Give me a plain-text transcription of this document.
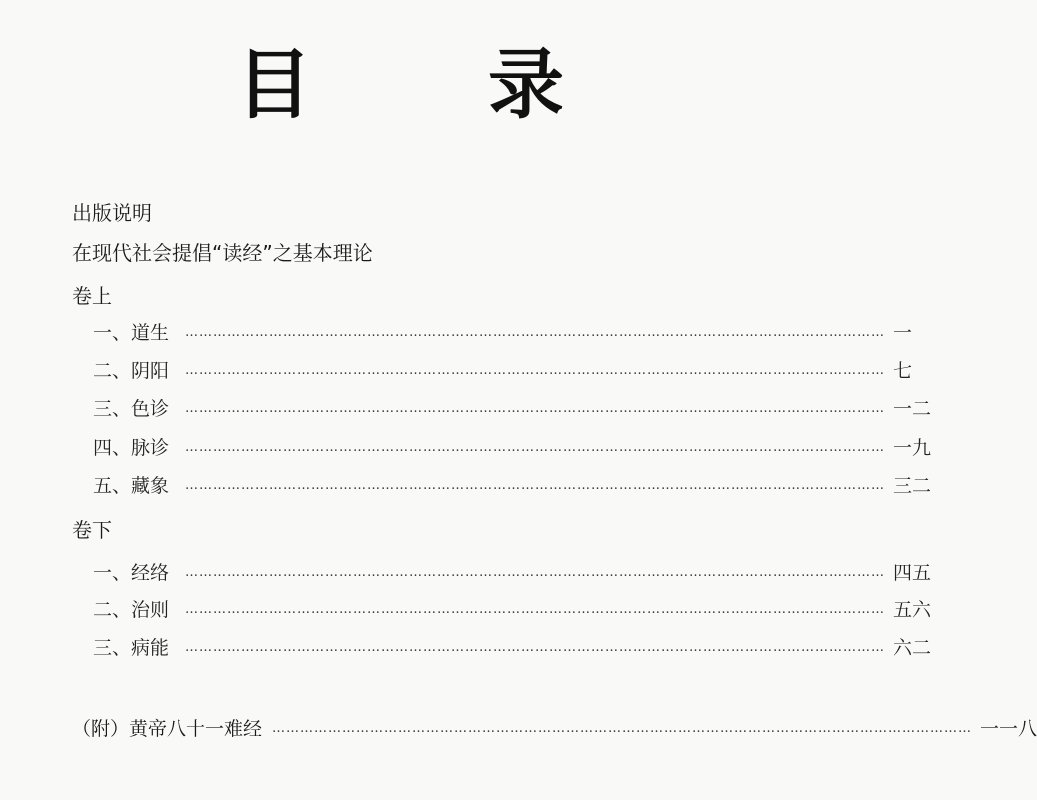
目　录
出版说明
在现代社会提倡“读经”之基本理论
卷上
一、道生	…………………………………………………………………………………………………………………………………… 一
二、阴阳	…………………………………………………………………………………………………………………………………… 七
三、色诊	…………………………………………………………………………………………………………………………………… 一二
四、脉诊	…………………………………………………………………………………………………………………………………… 一九
五、藏象	…………………………………………………………………………………………………………………………………… 三二
卷下
一、经络	…………………………………………………………………………………………………………………………………… 四五
二、治则	…………………………………………………………………………………………………………………………………… 五六
三、病能	…………………………………………………………………………………………………………………………………… 六二
（附）黄帝八十一难经 …………………………………………………………………………………………………………………………………… 一一八
